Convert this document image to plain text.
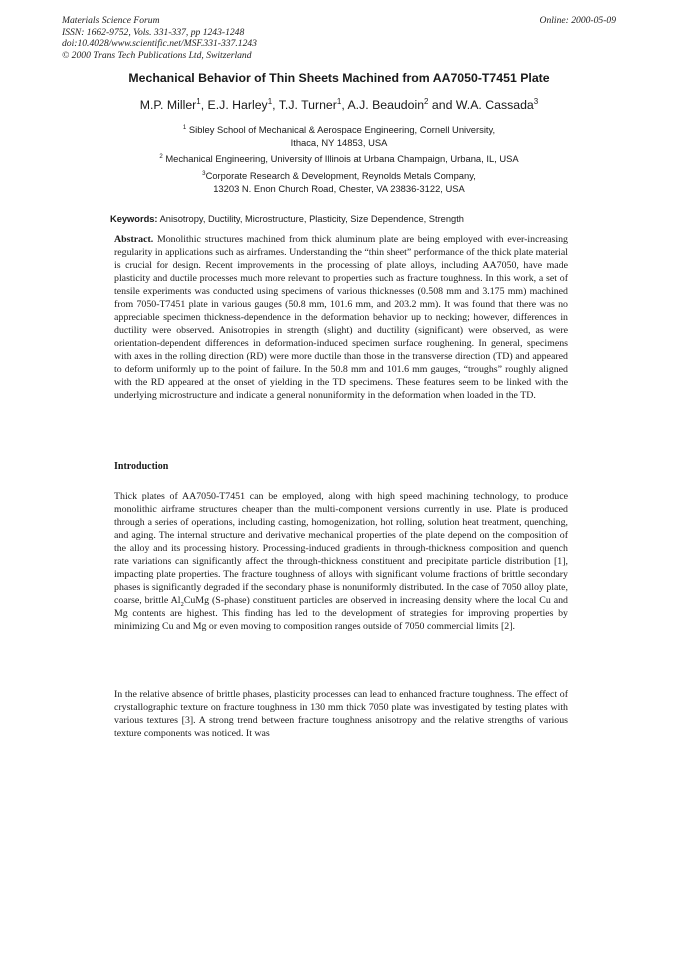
Materials Science Forum
ISSN: 1662-9752, Vols. 331-337, pp 1243-1248
doi:10.4028/www.scientific.net/MSF.331-337.1243
© 2000 Trans Tech Publications Ltd, Switzerland
Online: 2000-05-09
Mechanical Behavior of Thin Sheets Machined from AA7050-T7451 Plate
M.P. Miller$^1$, E.J. Harley$^1$, T.J. Turner$^1$, A.J. Beaudoin$^2$ and W.A. Cassada$^3$
$^1$ Sibley School of Mechanical & Aerospace Engineering, Cornell University,
Ithaca, NY 14853, USA
$^2$ Mechanical Engineering, University of Illinois at Urbana Champaign, Urbana, IL, USA
$^3$Corporate Research & Development, Reynolds Metals Company,
13203 N. Enon Church Road, Chester, VA 23836-3122, USA
Keywords: Anisotropy, Ductility, Microstructure, Plasticity, Size Dependence, Strength
Abstract. Monolithic structures machined from thick aluminum plate are being employed with ever-increasing regularity in applications such as airframes. Understanding the “thin sheet” performance of the thick plate material is crucial for design. Recent improvements in the processing of plate alloys, including AA7050, have made plasticity and ductile processes much more relevant to properties such as fracture toughness. In this work, a set of tensile experiments was conducted using specimens of various thicknesses (0.508 mm and 3.175 mm) machined from 7050-T7451 plate in various gauges (50.8 mm, 101.6 mm, and 203.2 mm). It was found that there was no appreciable specimen thickness-dependence in the deformation behavior up to necking; however, differences in ductility were observed. Anisotropies in strength (slight) and ductility (significant) were observed, as were orientation-dependent differences in deformation-induced specimen surface roughening. In general, specimens with axes in the rolling direction (RD) were more ductile than those in the transverse direction (TD) and appeared to deform uniformly up to the point of failure. In the 50.8 mm and 101.6 mm gauges, “troughs” roughly aligned with the RD appeared at the onset of yielding in the TD specimens. These features seem to be linked with the underlying microstructure and indicate a general nonuniformity in the deformation when loaded in the TD.
Introduction
Thick plates of AA7050-T7451 can be employed, along with high speed machining technology, to produce monolithic airframe structures cheaper than the multi-component versions currently in use. Plate is produced through a series of operations, including casting, homogenization, hot rolling, solution heat treatment, quenching, and aging. The internal structure and derivative mechanical properties of the plate depend on the composition of the alloy and its processing history. Processing-induced gradients in through-thickness composition and quench rate variations can significantly affect the through-thickness constituent and precipitate particle distribution [1], impacting plate properties. The fracture toughness of alloys with significant volume fractions of brittle secondary phases is significantly degraded if the secondary phase is nonuniformly distributed. In the case of 7050 alloy plate, coarse, brittle $Al_2CuMg$ (S-phase) constituent particles are observed in increasing density where the local Cu and Mg contents are highest. This finding has led to the development of strategies for improving properties by minimizing Cu and Mg or even moving to composition ranges outside of 7050 commercial limits [2].
In the relative absence of brittle phases, plasticity processes can lead to enhanced fracture toughness. The effect of crystallographic texture on fracture toughness in 130 mm thick 7050 plate was investigated by testing plates with various textures [3]. A strong trend between fracture toughness anisotropy and the relative strengths of various texture components was noticed. It was
